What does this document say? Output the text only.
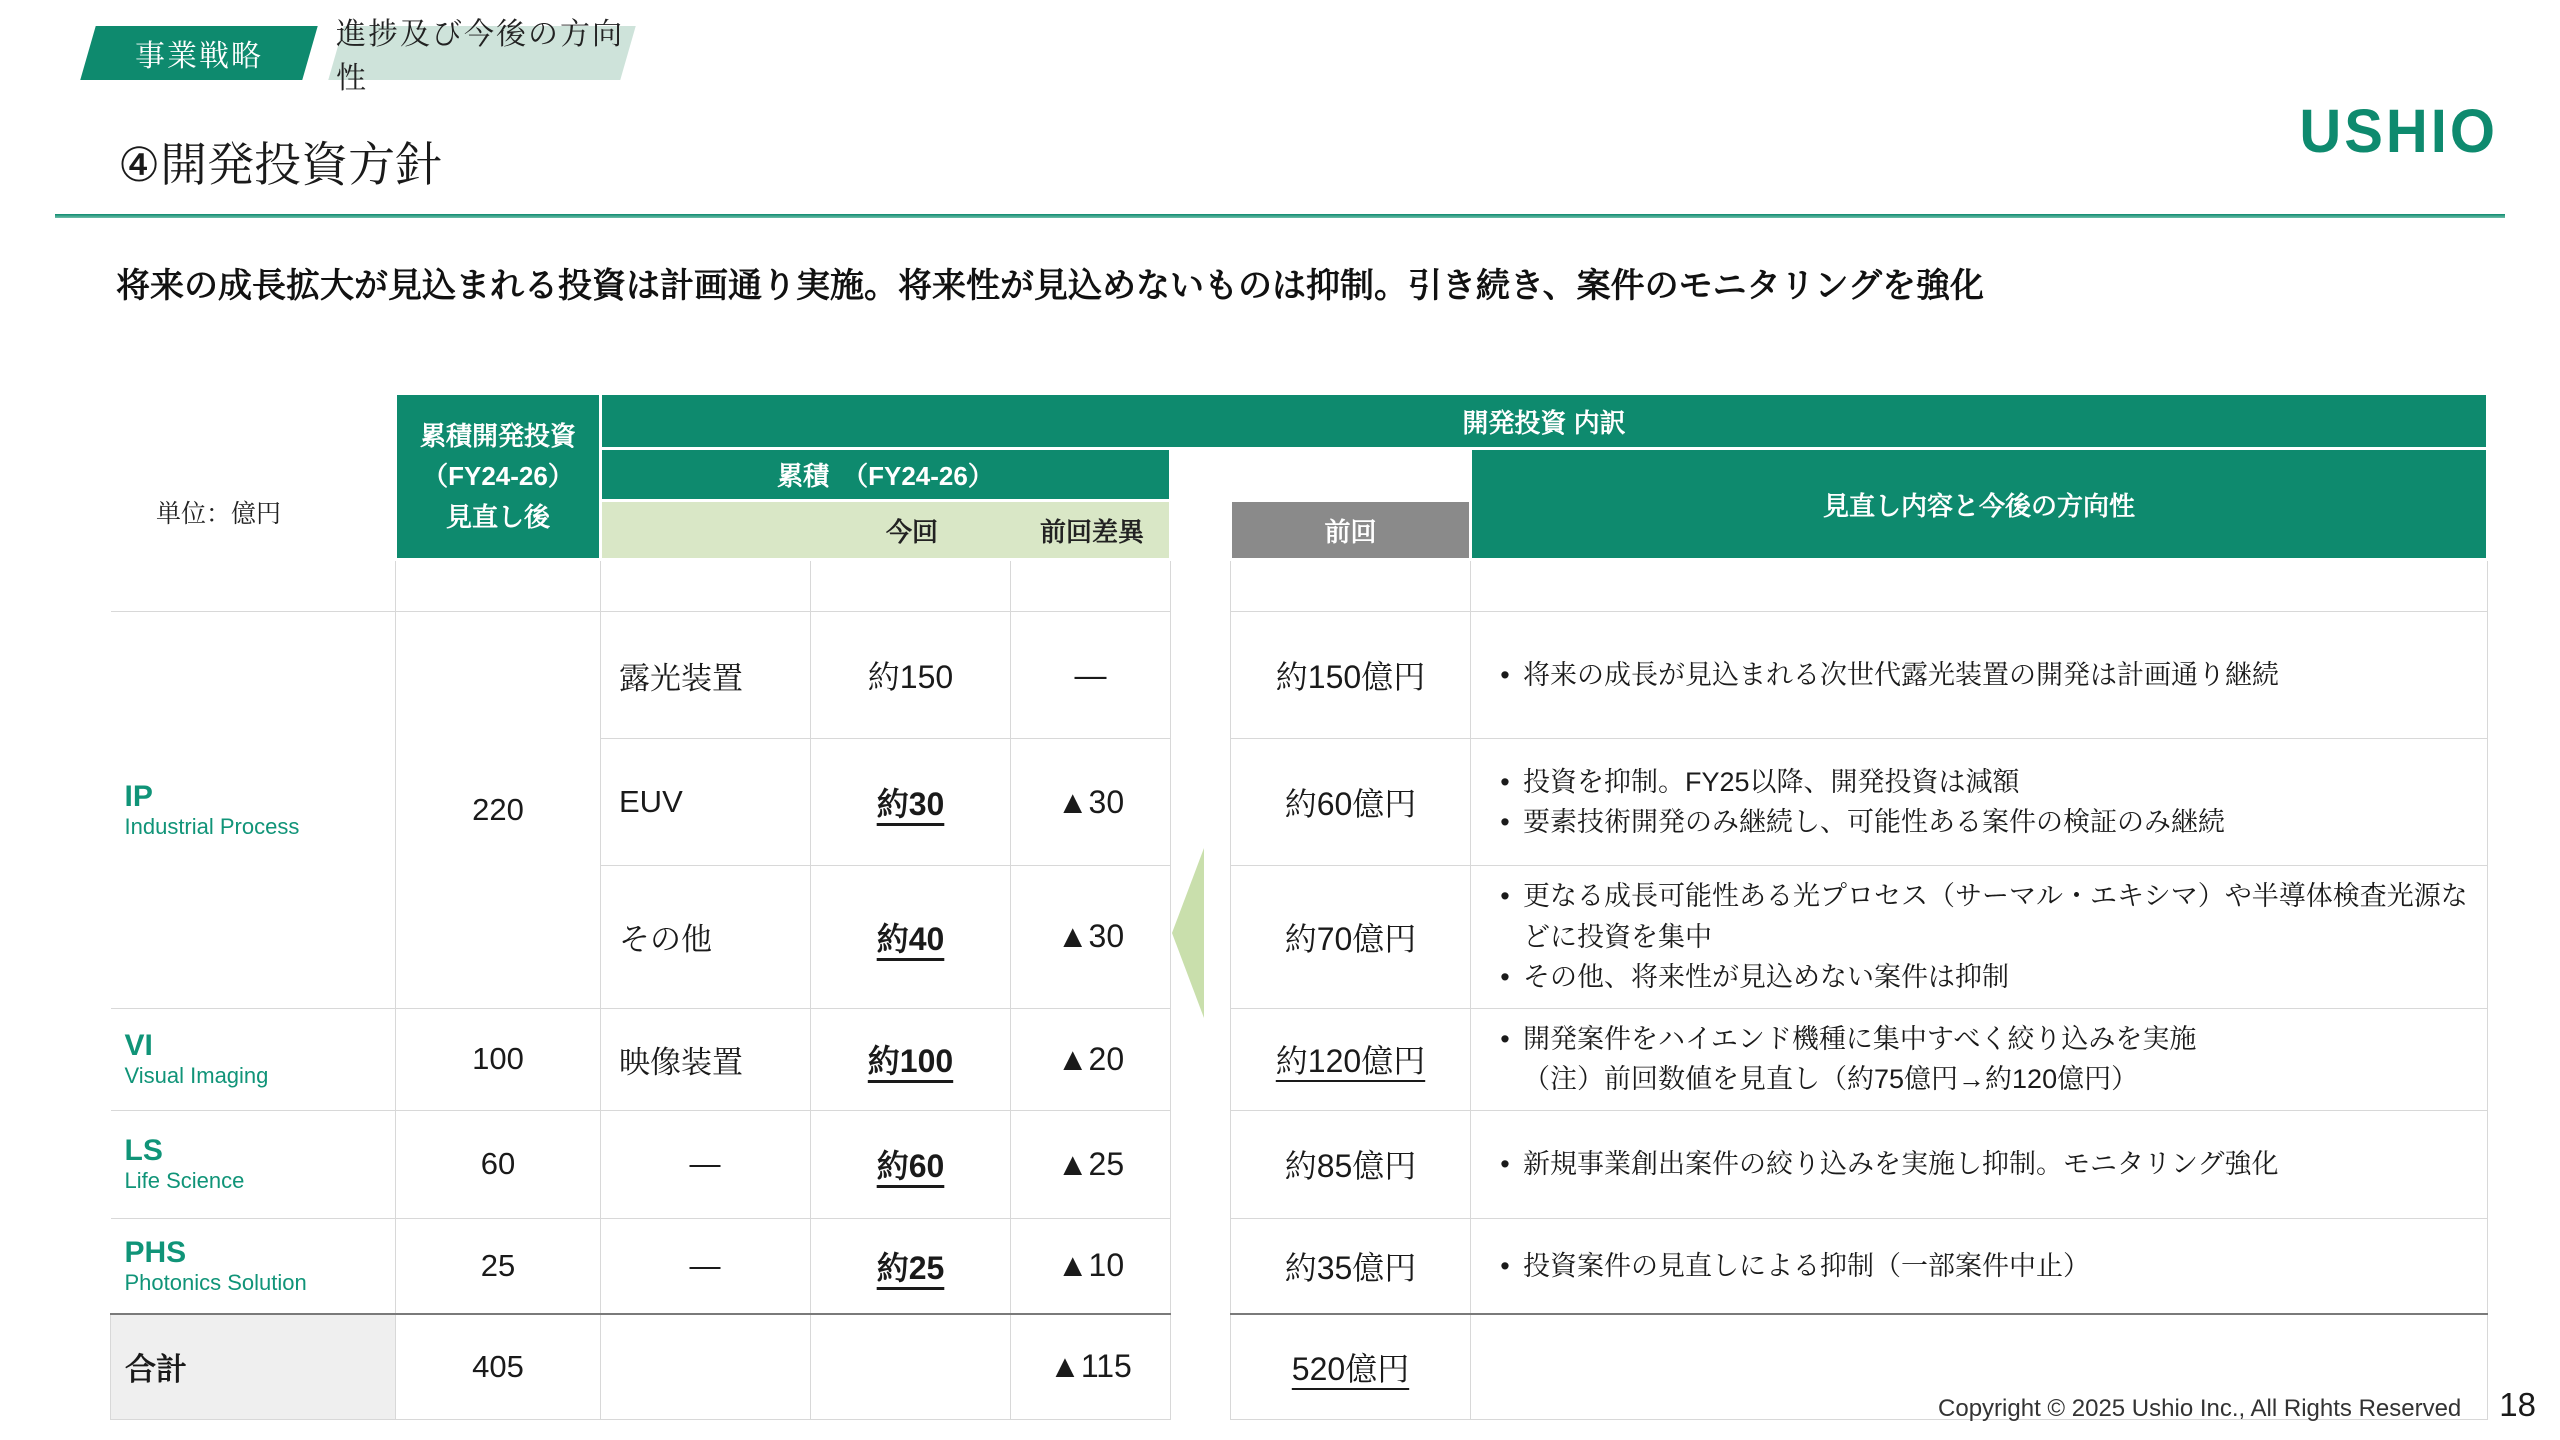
事業戦略
進捗及び今後の方向性
USHIO
④開発投資方針
将来の成長拡大が見込まれる投資は計画通り実施。将来性が見込めないものは抑制。引き続き、案件のモニタリングを強化
単位：億円
	累積開発投資
（FY24-26）
見直し後	開発投資 内訳					
		累積　（FY24-26）					見直し内容と今後の方向性

		今回 前回差異				前回	

IP
Industrial Process	220	露光装置	約150	―		約150億円	• 将来の成長が見込まれる次世代露光装置の開発は計画通り継続

		EUV	約30	▲30		約60億円	• 投資を抑制。FY25以降、開発投資は減額
• 要素技術開発のみ継続し、可能性ある案件の検証のみ継続

		その他	約40	▲30		約70億円	• 更なる成長可能性ある光プロセス（サーマル・エキシマ）や半導体検査光源などに投資を集中
• その他、将来性が見込めない案件は抑制

VI
Visual Imaging	100	映像装置	約100	▲20		約120億円	
• 開発案件をハイエンド機種に集中すべく絞り込みを実施
（注）前回数値を見直し（約75億円→約120億円）

LS
Life Science	60	―	約60	▲25		約85億円	• 新規事業創出案件の絞り込みを実施し抑制。モニタリング強化

PHS
Photonics Solution	25	―	約25	▲10		約35億円	• 投資案件の見直しによる抑制（一部案件中止）

合計	405			▲115		520億円	
Copyright © 2025 Ushio Inc., All Rights Reserved 18
